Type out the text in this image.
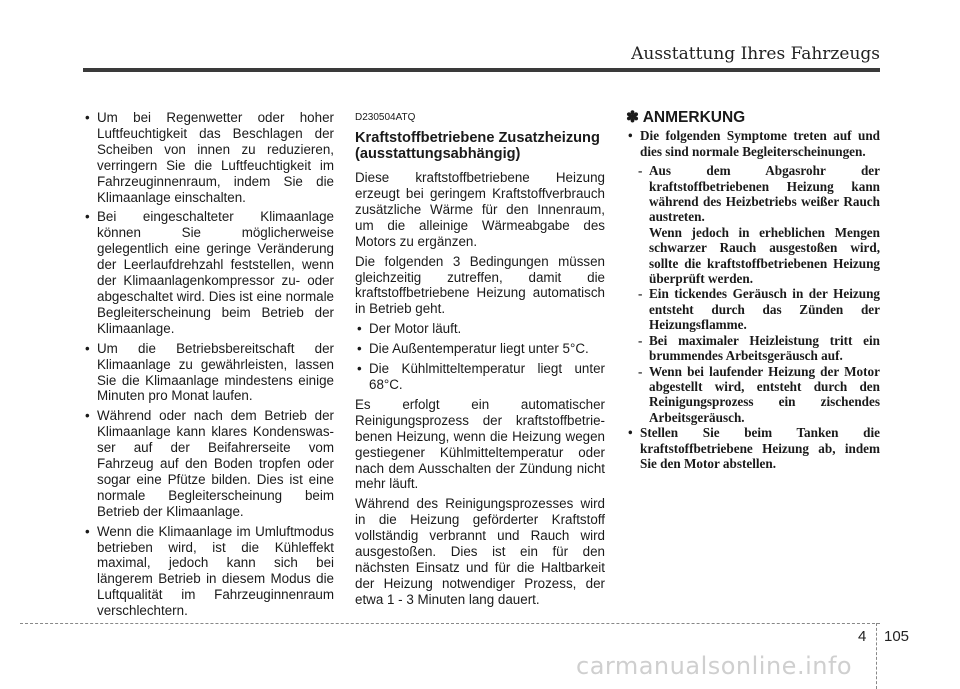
Ausstattung Ihres Fahrzeugs
• Um bei Regenwetter oder hoher Luftfeuchtigkeit das Beschlagen der Scheiben von innen zu reduzieren, verringern Sie die Luftfeuchtigkeit im Fahrzeuginnenraum, indem Sie die Klimaanlage einschalten.

• Bei eingeschalteter Klimaanlage können Sie möglicherweise gelegentlich eine geringe Veränderung der Leerlaufdrehzahl feststellen, wenn der Klimaanlagenkompressor zu- oder abgeschaltet wird. Dies ist eine normale Begleiterscheinung beim Betrieb der Klimaanlage.

• Um die Betriebsbereitschaft der Klimaanlage zu gewährleisten, lassen Sie die Klimaanlage mindestens einige Minuten pro Monat laufen.

• Während oder nach dem Betrieb der Klimaanlage kann klares Kondenswas-ser auf der Beifahrerseite vom Fahrzeug auf den Boden tropfen oder sogar eine Pfütze bilden. Dies ist eine normale Begleiterscheinung beim Betrieb der Klimaanlage.

• Wenn die Klimaanlage im Umluftmodus betrieben wird, ist die Kühleffekt maximal, jedoch kann sich bei längerem Betrieb in diesem Modus die Luftqualität im Fahrzeuginnenraum verschlechtern.

D230504ATQ

Kraftstoffbetriebene Zusatzheizung (ausstattungsabhängig)

Diese kraftstoffbetriebene Heizung erzeugt bei geringem Kraftstoffverbrauch zusätzliche Wärme für den Innenraum, um die alleinige Wärmeabgabe des Motors zu ergänzen.

Die folgenden 3 Bedingungen müssen gleichzeitig zutreffen, damit die kraftstoffbetriebene Heizung automatisch in Betrieb geht.

• Der Motor läuft.

• Die Außentemperatur liegt unter 5°C.

• Die Kühlmitteltemperatur liegt unter 68°C.

Es erfolgt ein automatischer Reinigungsprozess der kraftstoffbetrie-benen Heizung, wenn die Heizung wegen gestiegener Kühlmitteltemperatur oder nach dem Ausschalten der Zündung nicht mehr läuft.

Während des Reinigungsprozesses wird in die Heizung geförderter Kraftstoff vollständig verbrannt und Rauch wird ausgestoßen. Dies ist ein für den nächsten Einsatz und für die Haltbarkeit der Heizung notwendiger Prozess, der etwa 1 - 3 Minuten lang dauert.

✽ ANMERKUNG
• Die folgenden Symptome treten auf und dies sind normale Begleiterscheinungen.

- Aus dem Abgasrohr der kraftstoffbetriebenen Heizung kann während des Heizbetriebs weißer Rauch austreten.

Wenn jedoch in erheblichen Mengen schwarzer Rauch ausgestoßen wird, sollte die kraftstoffbetriebenen Heizung überprüft werden.

- Ein tickendes Geräusch in der Heizung entsteht durch das Zünden der Heizungsflamme.

- Bei maximaler Heizleistung tritt ein brummendes Arbeitsgeräusch auf.

- Wenn bei laufender Heizung der Motor abgestellt wird, entsteht durch den Reinigungsprozess ein zischendes Arbeitsgeräusch.

• Stellen Sie beim Tanken die kraftstoffbetriebene Heizung ab, indem Sie den Motor abstellen.

4 105
carmanualsonline.info
